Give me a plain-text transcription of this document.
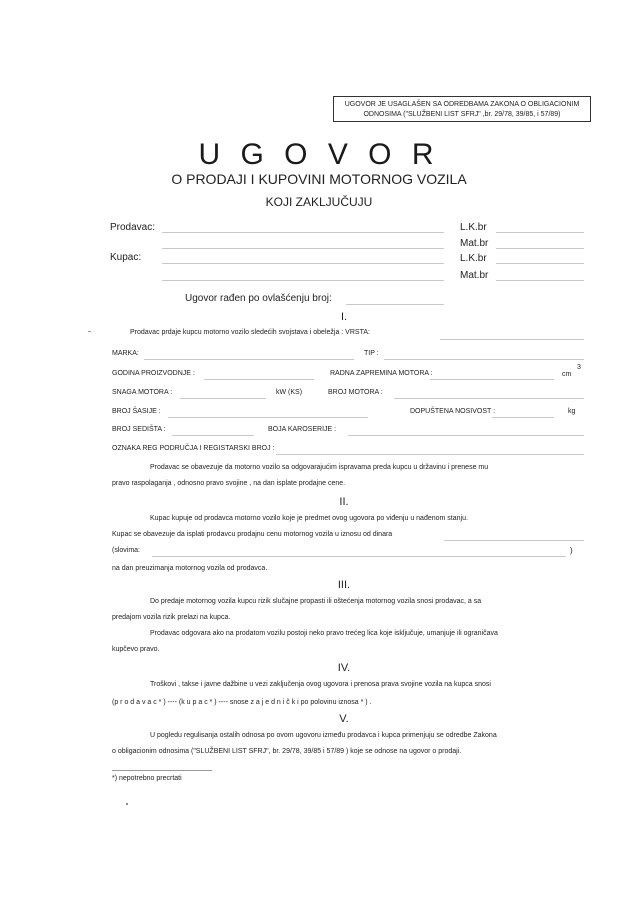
UGOVOR JE USAGLAŠEN SA ODREDBAMA ZAKONA O OBLIGACIONIM
ODNOSIMA ("SLUŽBENI LIST SFRJ" ,br. 29/78, 39/85, i 57/89)
U G O V O R
O PRODAJI I KUPOVINI MOTORNOG VOZILA
KOJI ZAKLJUČUJU
Prodavac:	L.K.br
Mat.br
Kupac:	L.K.br
Mat.br
Ugovor rađen po ovlašćenju broj:
I.
Prodavac prdaje kupcu motorno vozilo sledećih svojstava i obeležja : VRSTA:
MARKA:	TIP :
GODINA PROIZVODNJE :	RADNA ZAPREMINA MOTORA :	cm
3
SNAGA MOTORA :	kW (KS)	BROJ MOTORA :
BROJ ŠASIJE :	DOPUŠTENA NOSIVOST :	kg
BROJ SEDIŠTA :	BOJA KAROSERIJE :
OZNAKA REG PODRUČJA I REGISTARSKI BROJ :
Prodavac se obavezuje da motorno vozilo sa odgovarajućim ispravama preda kupcu u državinu i prenese mu
pravo raspolaganja , odnosno pravo svojine , na dan isplate prodajne cene.
II.
Kupac kupuje od prodavca motorno vozilo koje je predmet ovog ugovora po viđenju u nađenom stanju.
Kupac se obavezuje da isplati prodavcu prodajnu cenu motornog vozila u iznosu od dinara
(slovima:	)
na dan preuzimanja motornog vozila od prodavca.
III.
Do predaje motornog vozila kupcu rizik slučajne propasti ili oštećenja motornog vozila snosi prodavac, a sa
predajom vozila rizik prelazi na kupca.
Prodavac odgovara ako na prodatom vozilu postoji neko pravo trećeg lica koje isključuje, umanjuje ili ograničava
kupčevo pravo.
IV.
Troškovi , takse i javne dažbine u vezi zaključenja ovog ugovora i prenosa prava svojine vozila na kupca snosi
(p r o d a v a c * ) ---- (k u p a c * ) ---- snose z a j e d n i č k i po polovinu iznosa * ) .
V.
U pogledu regulisanja ostalih odnosa po ovom ugovoru između prodavca i kupca primenjuju se odredbe Zakona
o obligacionim odnosima ("SLUŽBENI LIST SFRJ", br. 29/78, 39/85 i 57/89 ) koje se odnose na ugovor o prodaji.
*) nepotrebno precrtati
